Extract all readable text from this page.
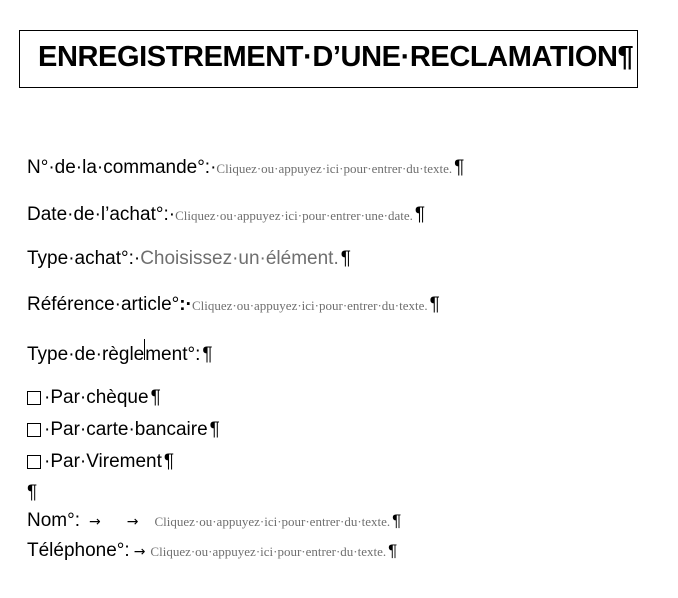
ENREGISTREMENT·D’UNE·RECLAMATION¶
N°·de·la·commande°:· Cliquez·ou·appuyez·ici·pour·entrer·du·texte. ¶
Date·de·l’achat°:· Cliquez·ou·appuyez·ici·pour·entrer·une·date. ¶
Type·achat°:· Choisissez·un·élément. ¶
Référence·article° :· Cliquez·ou·appuyez·ici·pour·entrer·du·texte. ¶
Type·de·règle ment°: ¶
·Par·chèque ¶
·Par·carte·bancaire ¶
·Par·Virement ¶
¶
Nom°: → → Cliquez·ou·appuyez·ici·pour·entrer·du·texte. ¶
Téléphone°: → Cliquez·ou·appuyez·ici·pour·entrer·du·texte. ¶
